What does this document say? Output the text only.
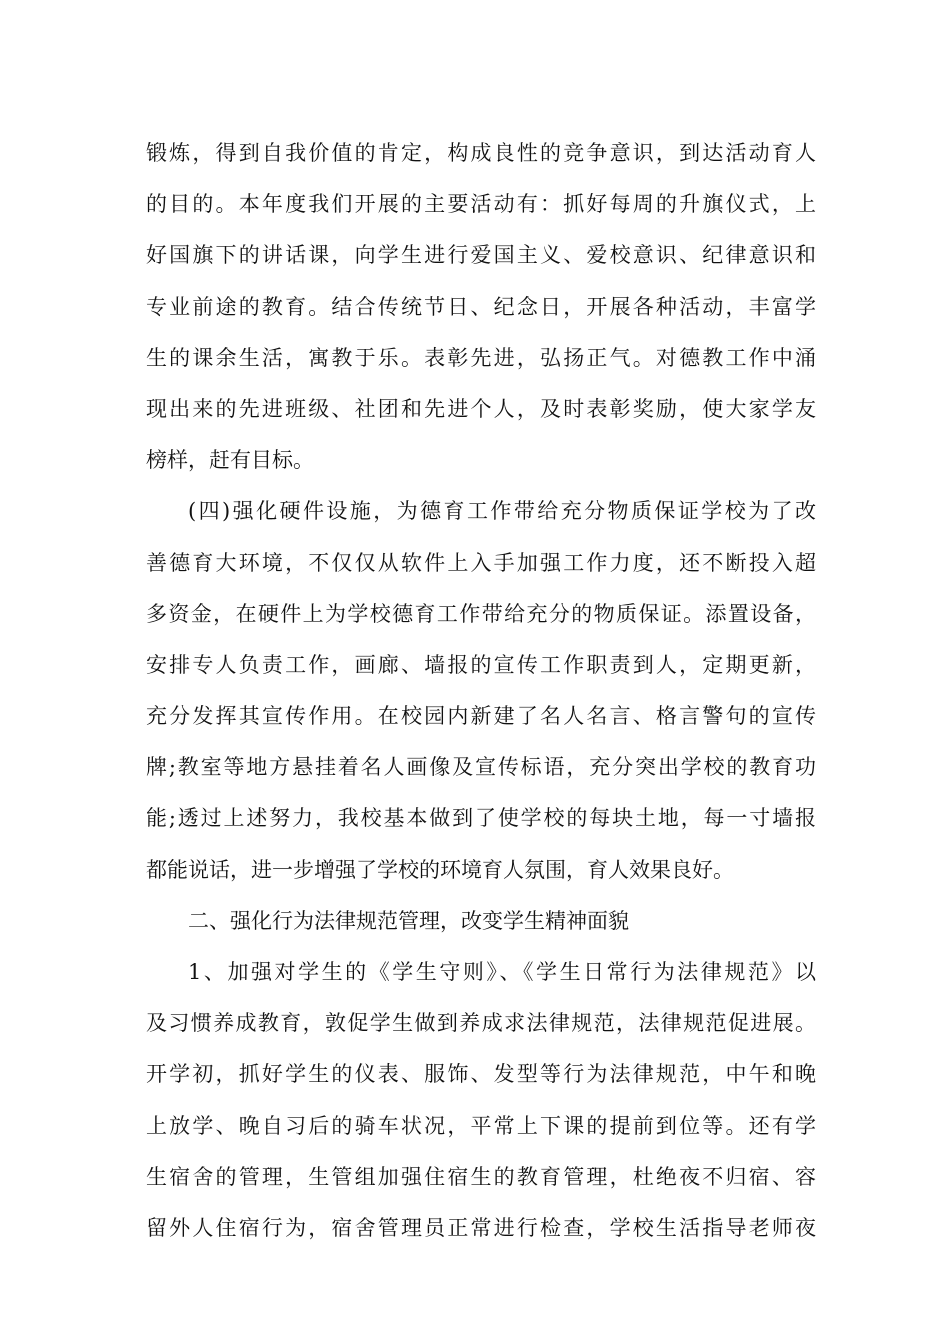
锻炼，得到自我价值的肯定，构成良性的竞争意识，到达活动育人
的目的。本年度我们开展的主要活动有：抓好每周的升旗仪式，上
好国旗下的讲话课，向学生进行爱国主义、爱校意识、纪律意识和
专业前途的教育。结合传统节日、纪念日，开展各种活动，丰富学
生的课余生活，寓教于乐。表彰先进，弘扬正气。对德教工作中涌
现出来的先进班级、社团和先进个人，及时表彰奖励，使大家学友
榜样，赶有目标。
(四)强化硬件设施，为德育工作带给充分物质保证学校为了改
善德育大环境，不仅仅从软件上入手加强工作力度，还不断投入超
多资金，在硬件上为学校德育工作带给充分的物质保证。添置设备，
安排专人负责工作，画廊、墙报的宣传工作职责到人，定期更新，
充分发挥其宣传作用。在校园内新建了名人名言、格言警句的宣传
牌;教室等地方悬挂着名人画像及宣传标语，充分突出学校的教育功
能;透过上述努力，我校基本做到了使学校的每块土地，每一寸墙报
都能说话，进一步增强了学校的环境育人氛围，育人效果良好。
二、强化行为法律规范管理，改变学生精神面貌
1、加强对学生的《学生守则》、《学生日常行为法律规范》以
及习惯养成教育，敦促学生做到养成求法律规范，法律规范促进展。
开学初，抓好学生的仪表、服饰、发型等行为法律规范，中午和晚
上放学、晚自习后的骑车状况，平常上下课的提前到位等。还有学
生宿舍的管理，生管组加强住宿生的教育管理，杜绝夜不归宿、容
留外人住宿行为，宿舍管理员正常进行检查，学校生活指导老师夜
